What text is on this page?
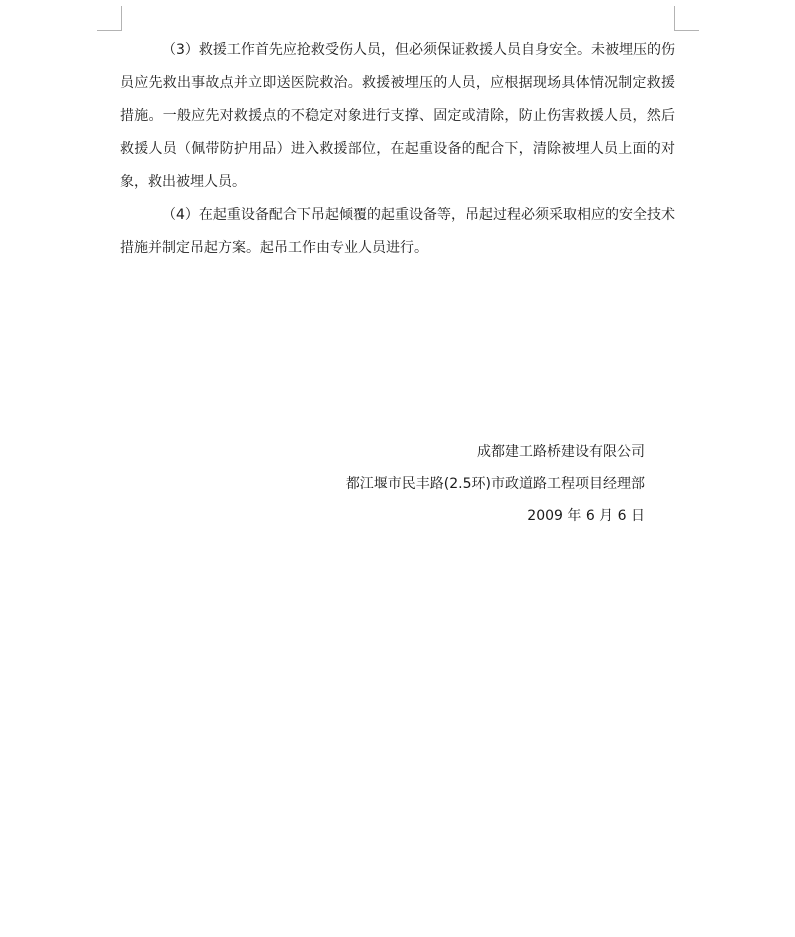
（3）救援工作首先应抢救受伤人员，但必须保证救援人员自身安全。未被埋压的伤员应先救出事故点并立即送医院救治。救援被埋压的人员，应根据现场具体情况制定救援措施。一般应先对救援点的不稳定对象进行支撑、固定或清除，防止伤害救援人员，然后救援人员（佩带防护用品）进入救援部位，在起重设备的配合下，清除被埋人员上面的对象，救出被埋人员。

（4）在起重设备配合下吊起倾覆的起重设备等，吊起过程必须采取相应的安全技术措施并制定吊起方案。起吊工作由专业人员进行。

成都建工路桥建设有限公司

都江堰市民丰路(2.5环)市政道路工程项目经理部

2009 年 6 月 6 日
